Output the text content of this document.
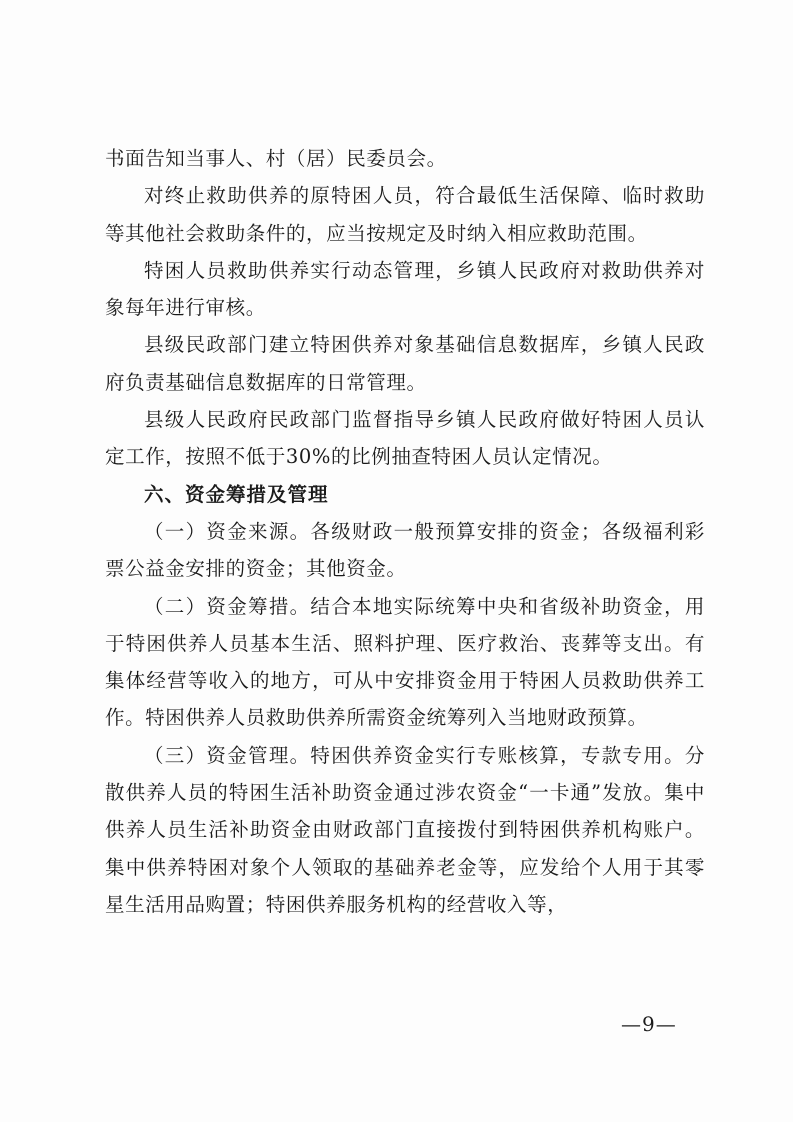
书面告知当事人、村（居）民委员会。

对终止救助供养的原特困人员，符合最低生活保障、临时救助等其他社会救助条件的，应当按规定及时纳入相应救助范围。

特困人员救助供养实行动态管理，乡镇人民政府对救助供养对象每年进行审核。

县级民政部门建立特困供养对象基础信息数据库，乡镇人民政府负责基础信息数据库的日常管理。

县级人民政府民政部门监督指导乡镇人民政府做好特困人员认定工作，按照不低于30%的比例抽查特困人员认定情况。

六、资金筹措及管理

（一）资金来源。各级财政一般预算安排的资金；各级福利彩票公益金安排的资金；其他资金。

（二）资金筹措。结合本地实际统筹中央和省级补助资金，用于特困供养人员基本生活、照料护理、医疗救治、丧葬等支出。有集体经营等收入的地方，可从中安排资金用于特困人员救助供养工作。特困供养人员救助供养所需资金统筹列入当地财政预算。

（三）资金管理。特困供养资金实行专账核算，专款专用。分散供养人员的特困生活补助资金通过涉农资金“一卡通”发放。集中供养人员生活补助资金由财政部门直接拨付到特困供养机构账户。集中供养特困对象个人领取的基础养老金等，应发给个人用于其零星生活用品购置；特困供养服务机构的经营收入等，

—9—
